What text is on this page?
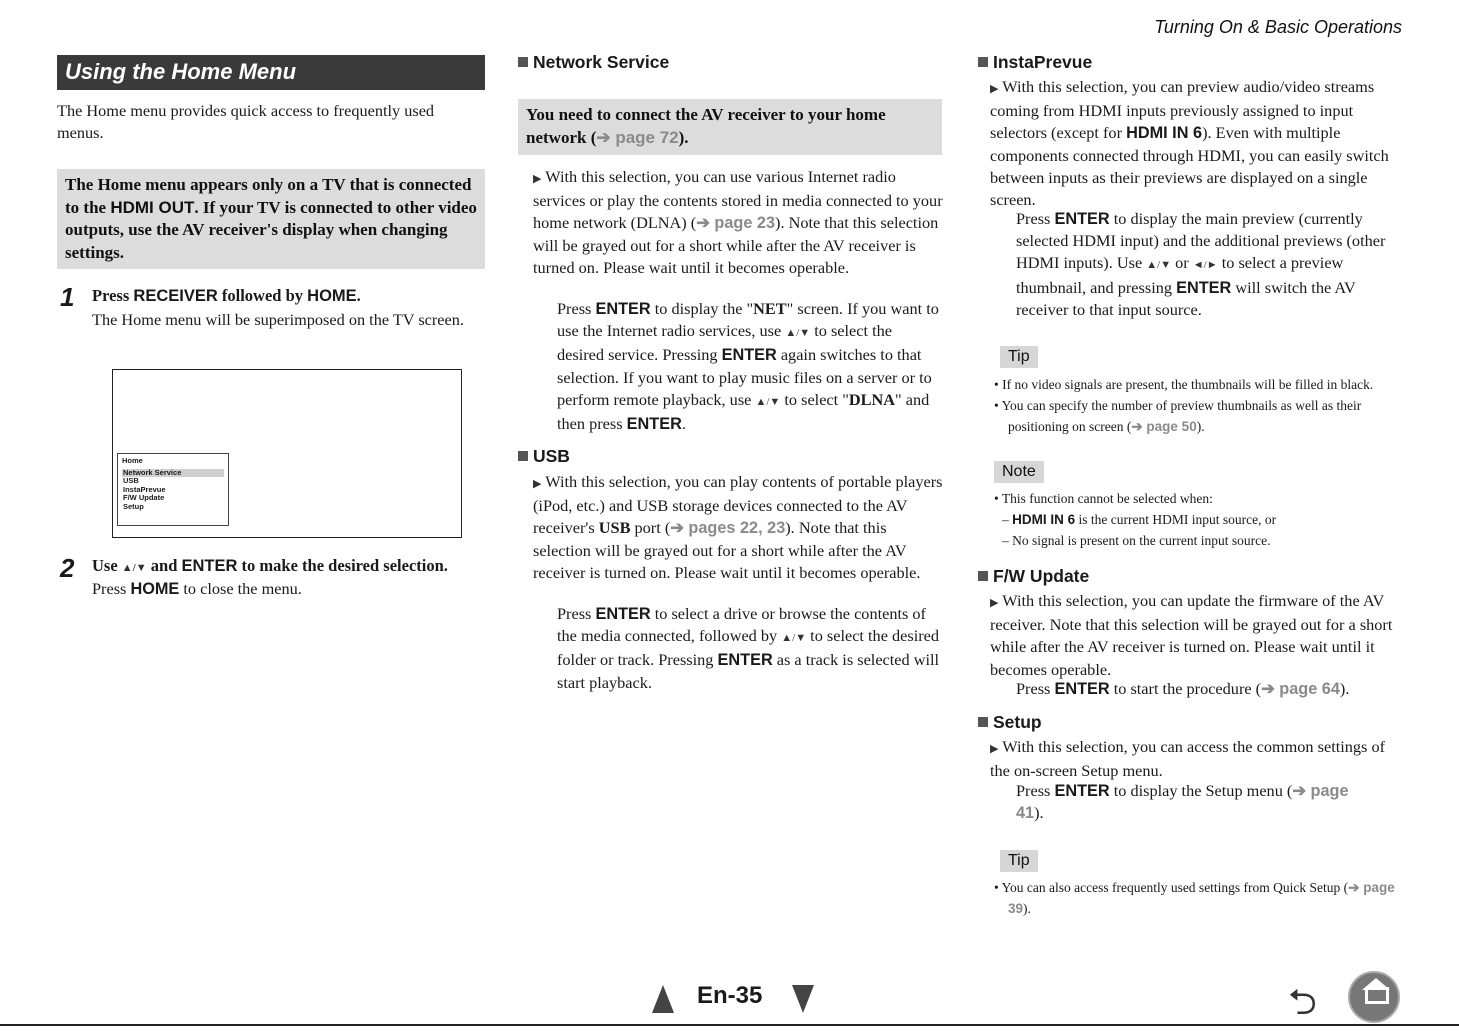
Turning On & Basic Operations
Using the Home Menu
The Home menu provides quick access to frequently used menus.
The Home menu appears only on a TV that is connected to the HDMI OUT. If your TV is connected to other video outputs, use the AV receiver's display when changing settings.
1 Press RECEIVER followed by HOME.
The Home menu will be superimposed on the TV screen.
Home
Network Service
USB
InstaPrevue
F/W Update
Setup
2 Use ▲/▼ and ENTER to make the desired selection.
Press HOME to close the menu.
Network Service
You need to connect the AV receiver to your home network (➔ page 72).
▶ With this selection, you can use various Internet radio services or play the contents stored in media connected to your home network (DLNA) (➔ page 23). Note that this selection will be grayed out for a short while after the AV receiver is turned on. Please wait until it becomes operable.
Press ENTER to display the "NET" screen. If you want to use the Internet radio services, use ▲/▼ to select the desired service. Pressing ENTER again switches to that selection. If you want to play music files on a server or to perform remote playback, use ▲/▼ to select "DLNA" and then press ENTER.
USB
▶ With this selection, you can play contents of portable players (iPod, etc.) and USB storage devices connected to the AV receiver's USB port (➔ pages 22, 23). Note that this selection will be grayed out for a short while after the AV receiver is turned on. Please wait until it becomes operable.
Press ENTER to select a drive or browse the contents of the media connected, followed by ▲/▼ to select the desired folder or track. Pressing ENTER as a track is selected will start playback.
InstaPrevue
▶ With this selection, you can preview audio/video streams coming from HDMI inputs previously assigned to input selectors (except for HDMI IN 6). Even with multiple components connected through HDMI, you can easily switch between inputs as their previews are displayed on a single screen.
Press ENTER to display the main preview (currently selected HDMI input) and the additional previews (other HDMI inputs). Use ▲/▼ or ◄/► to select a preview thumbnail, and pressing ENTER will switch the AV receiver to that input source.
Tip
• If no video signals are present, the thumbnails will be filled in black.
• You can specify the number of preview thumbnails as well as their positioning on screen (➔ page 50).
Note
• This function cannot be selected when:
– HDMI IN 6 is the current HDMI input source, or
– No signal is present on the current input source.
F/W Update
▶ With this selection, you can update the firmware of the AV receiver. Note that this selection will be grayed out for a short while after the AV receiver is turned on. Please wait until it becomes operable.
Press ENTER to start the procedure (➔ page 64).
Setup
▶ With this selection, you can access the common settings of the on-screen Setup menu.
Press ENTER to display the Setup menu (➔ page 41).
Tip
• You can also access frequently used settings from Quick Setup (➔ page 39).
En-35	⮌
